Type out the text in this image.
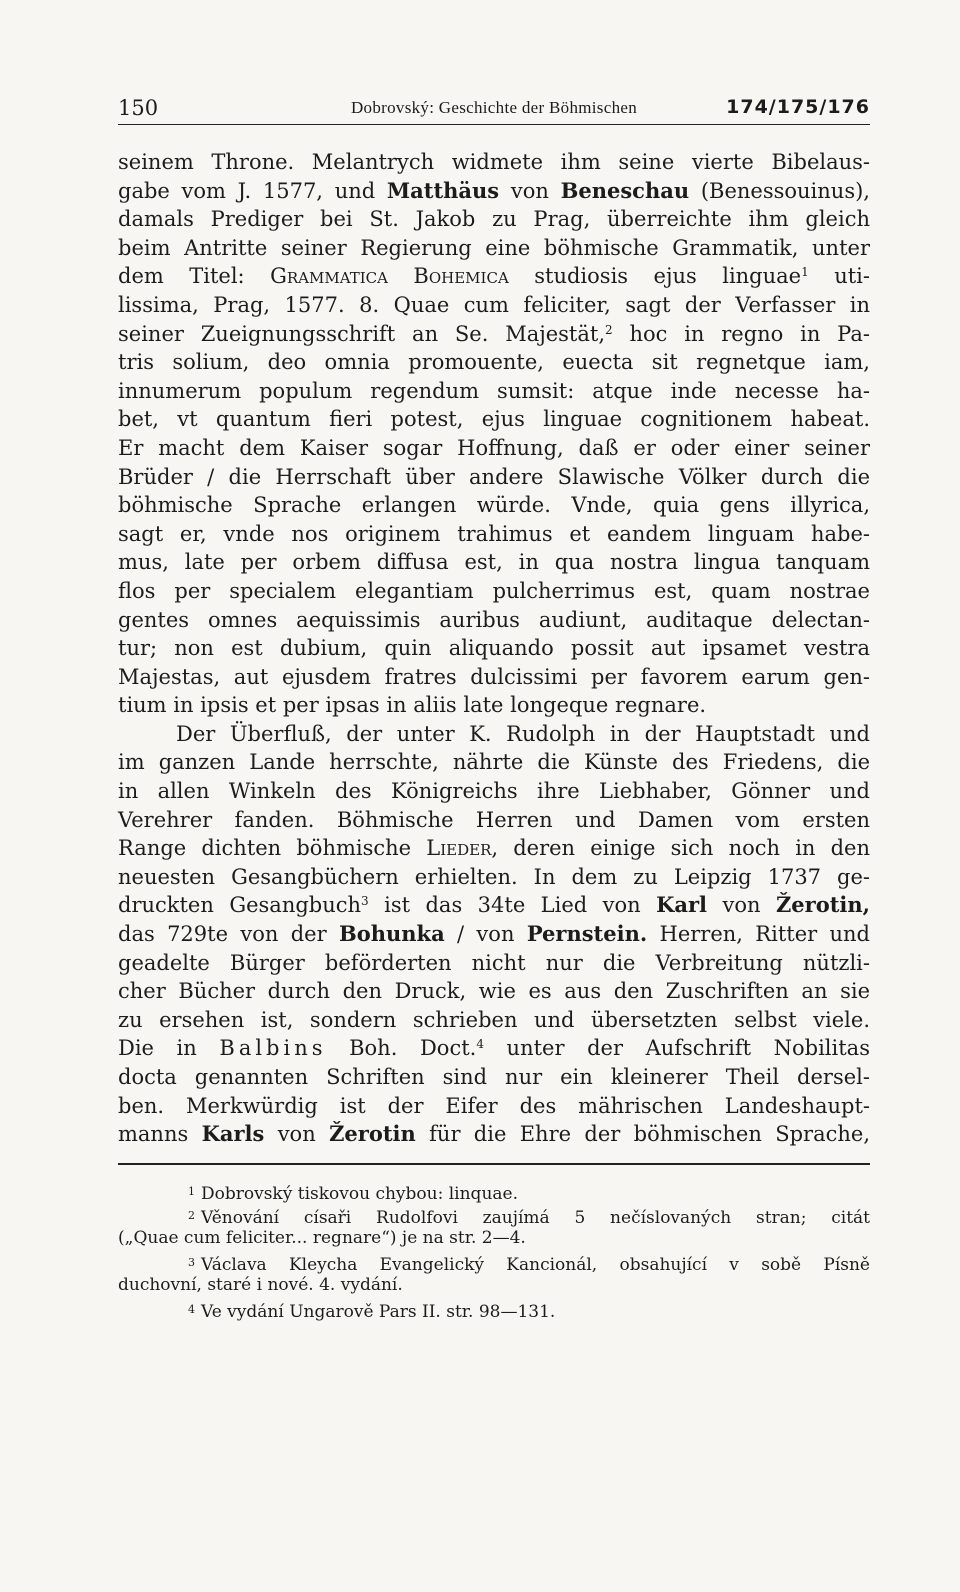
150	Dobrovský: Geschichte der Böhmischen	174/175/176
seinem Throne. Melantrych widmete ihm seine vierte Bibelaus-
gabe vom J. 1577, und Matthäus von Beneschau (Benessouinus),
damals Prediger bei St. Jakob zu Prag, überreichte ihm gleich
beim Antritte seiner Regierung eine böhmische Grammatik, unter
dem Titel: Grammatica Bohemica studiosis ejus linguae$^1$ uti-
lissima, Prag, 1577. 8. Quae cum feliciter, sagt der Verfasser in
seiner Zueignungsschrift an Se. Majestät,$^2$ hoc in regno in Pa-
tris solium, deo omnia promouente, euecta sit regnetque iam,
innumerum populum regendum sumsit: atque inde necesse ha-
bet, vt quantum fieri potest, ejus linguae cognitionem habeat.
Er macht dem Kaiser sogar Hoffnung, daß er oder einer seiner
Brüder / die Herrschaft über andere Slawische Völker durch die
böhmische Sprache erlangen würde. Vnde, quia gens illyrica,
sagt er, vnde nos originem trahimus et eandem linguam habe-
mus, late per orbem diffusa est, in qua nostra lingua tanquam
flos per specialem elegantiam pulcherrimus est, quam nostrae
gentes omnes aequissimis auribus audiunt, auditaque delectan-
tur; non est dubium, quin aliquando possit aut ipsamet vestra
Majestas, aut ejusdem fratres dulcissimi per favorem earum gen-
tium in ipsis et per ipsas in aliis late longeque regnare.
Der Überfluß, der unter K. Rudolph in der Hauptstadt und
im ganzen Lande herrschte, nährte die Künste des Friedens, die
in allen Winkeln des Königreichs ihre Liebhaber, Gönner und
Verehrer fanden. Böhmische Herren und Damen vom ersten
Range dichten böhmische Lieder, deren einige sich noch in den
neuesten Gesangbüchern erhielten. In dem zu Leipzig 1737 ge-
druckten Gesangbuch$^3$ ist das 34te Lied von Karl von Žerotin,
das 729te von der Bohunka / von Pernstein. Herren, Ritter und
geadelte Bürger beförderten nicht nur die Verbreitung nützli-
cher Bücher durch den Druck, wie es aus den Zuschriften an sie
zu ersehen ist, sondern schrieben und übersetzten selbst viele.
Die in Balbins Boh. Doct.$^4$ unter der Aufschrift Nobilitas
docta genannten Schriften sind nur ein kleinerer Theil dersel-
ben. Merkwürdig ist der Eifer des mährischen Landeshaupt-
manns Karls von Žerotin für die Ehre der böhmischen Sprache,
$^1$ Dobrovský tiskovou chybou: linquae.
$^2$ Věnování císaři Rudolfovi zaujímá 5 nečíslovaných stran; citát
(„Quae cum feliciter... regnare“) je na str. 2—4.
$^3$ Václava Kleycha Evangelický Kancionál, obsahující v sobě Písně
duchovní, staré i nové. 4. vydání.
$^4$ Ve vydání Ungarově Pars II. str. 98—131.
